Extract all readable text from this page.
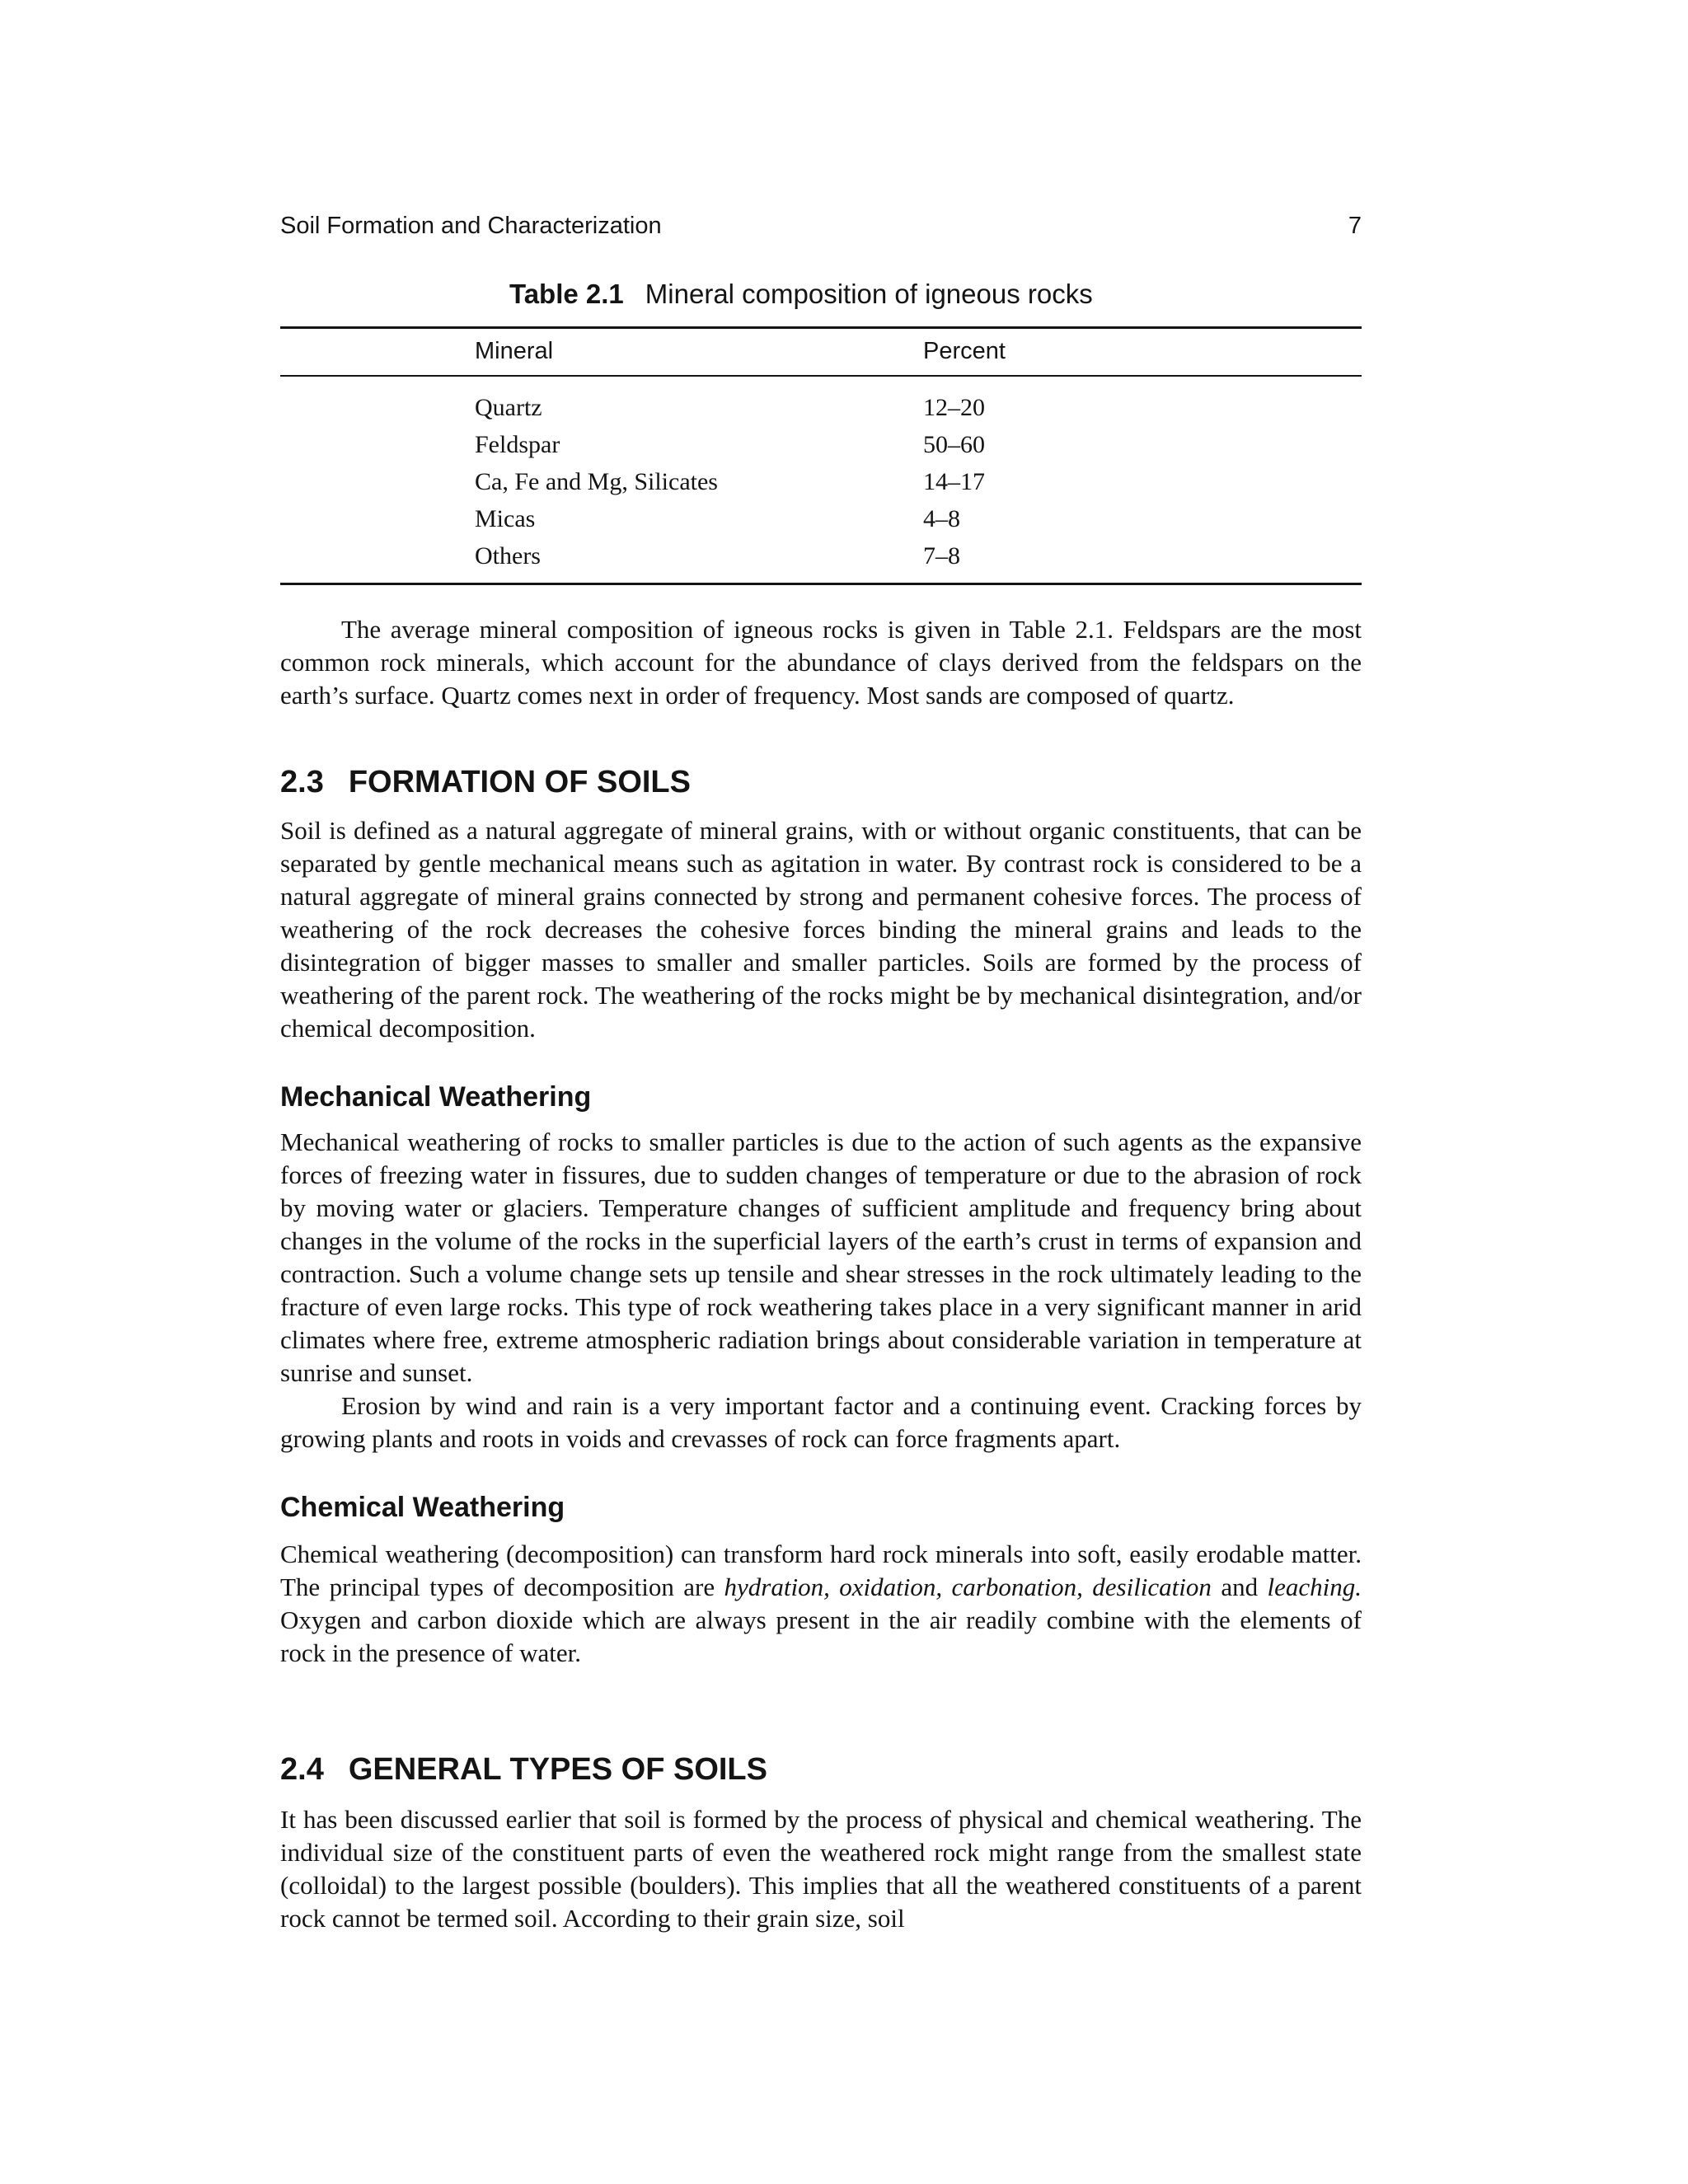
Soil Formation and Characterization	7
Table 2.1 Mineral composition of igneous rocks
Mineral	Percent
Quartz	12–20
Feldspar	50–60
Ca, Fe and Mg, Silicates	14–17
Micas	4–8
Others	7–8

The average mineral composition of igneous rocks is given in Table 2.1. Feldspars are the most common rock minerals, which account for the abundance of clays derived from the feldspars on the earth’s surface. Quartz comes next in order of frequency. Most sands are composed of quartz.

2.3 FORMATION OF SOILS

Soil is defined as a natural aggregate of mineral grains, with or without organic constituents, that can be separated by gentle mechanical means such as agitation in water. By contrast rock is considered to be a natural aggregate of mineral grains connected by strong and permanent cohesive forces. The process of weathering of the rock decreases the cohesive forces binding the mineral grains and leads to the disintegration of bigger masses to smaller and smaller particles. Soils are formed by the process of weathering of the parent rock. The weathering of the rocks might be by mechanical disintegration, and/or chemical decomposition.

Mechanical Weathering

Mechanical weathering of rocks to smaller particles is due to the action of such agents as the expansive forces of freezing water in fissures, due to sudden changes of temperature or due to the abrasion of rock by moving water or glaciers. Temperature changes of sufficient amplitude and frequency bring about changes in the volume of the rocks in the superficial layers of the earth’s crust in terms of expansion and contraction. Such a volume change sets up tensile and shear stresses in the rock ultimately leading to the fracture of even large rocks. This type of rock weathering takes place in a very significant manner in arid climates where free, extreme atmospheric radiation brings about considerable variation in temperature at sunrise and sunset.

Erosion by wind and rain is a very important factor and a continuing event. Cracking forces by growing plants and roots in voids and crevasses of rock can force fragments apart.

Chemical Weathering

Chemical weathering (decomposition) can transform hard rock minerals into soft, easily erodable matter. The principal types of decomposition are hydration, oxidation, carbonation, desilication and leaching. Oxygen and carbon dioxide which are always present in the air readily combine with the elements of rock in the presence of water.

2.4 GENERAL TYPES OF SOILS

It has been discussed earlier that soil is formed by the process of physical and chemical weathering. The individual size of the constituent parts of even the weathered rock might range from the smallest state (colloidal) to the largest possible (boulders). This implies that all the weathered constituents of a parent rock cannot be termed soil. According to their grain size, soil
